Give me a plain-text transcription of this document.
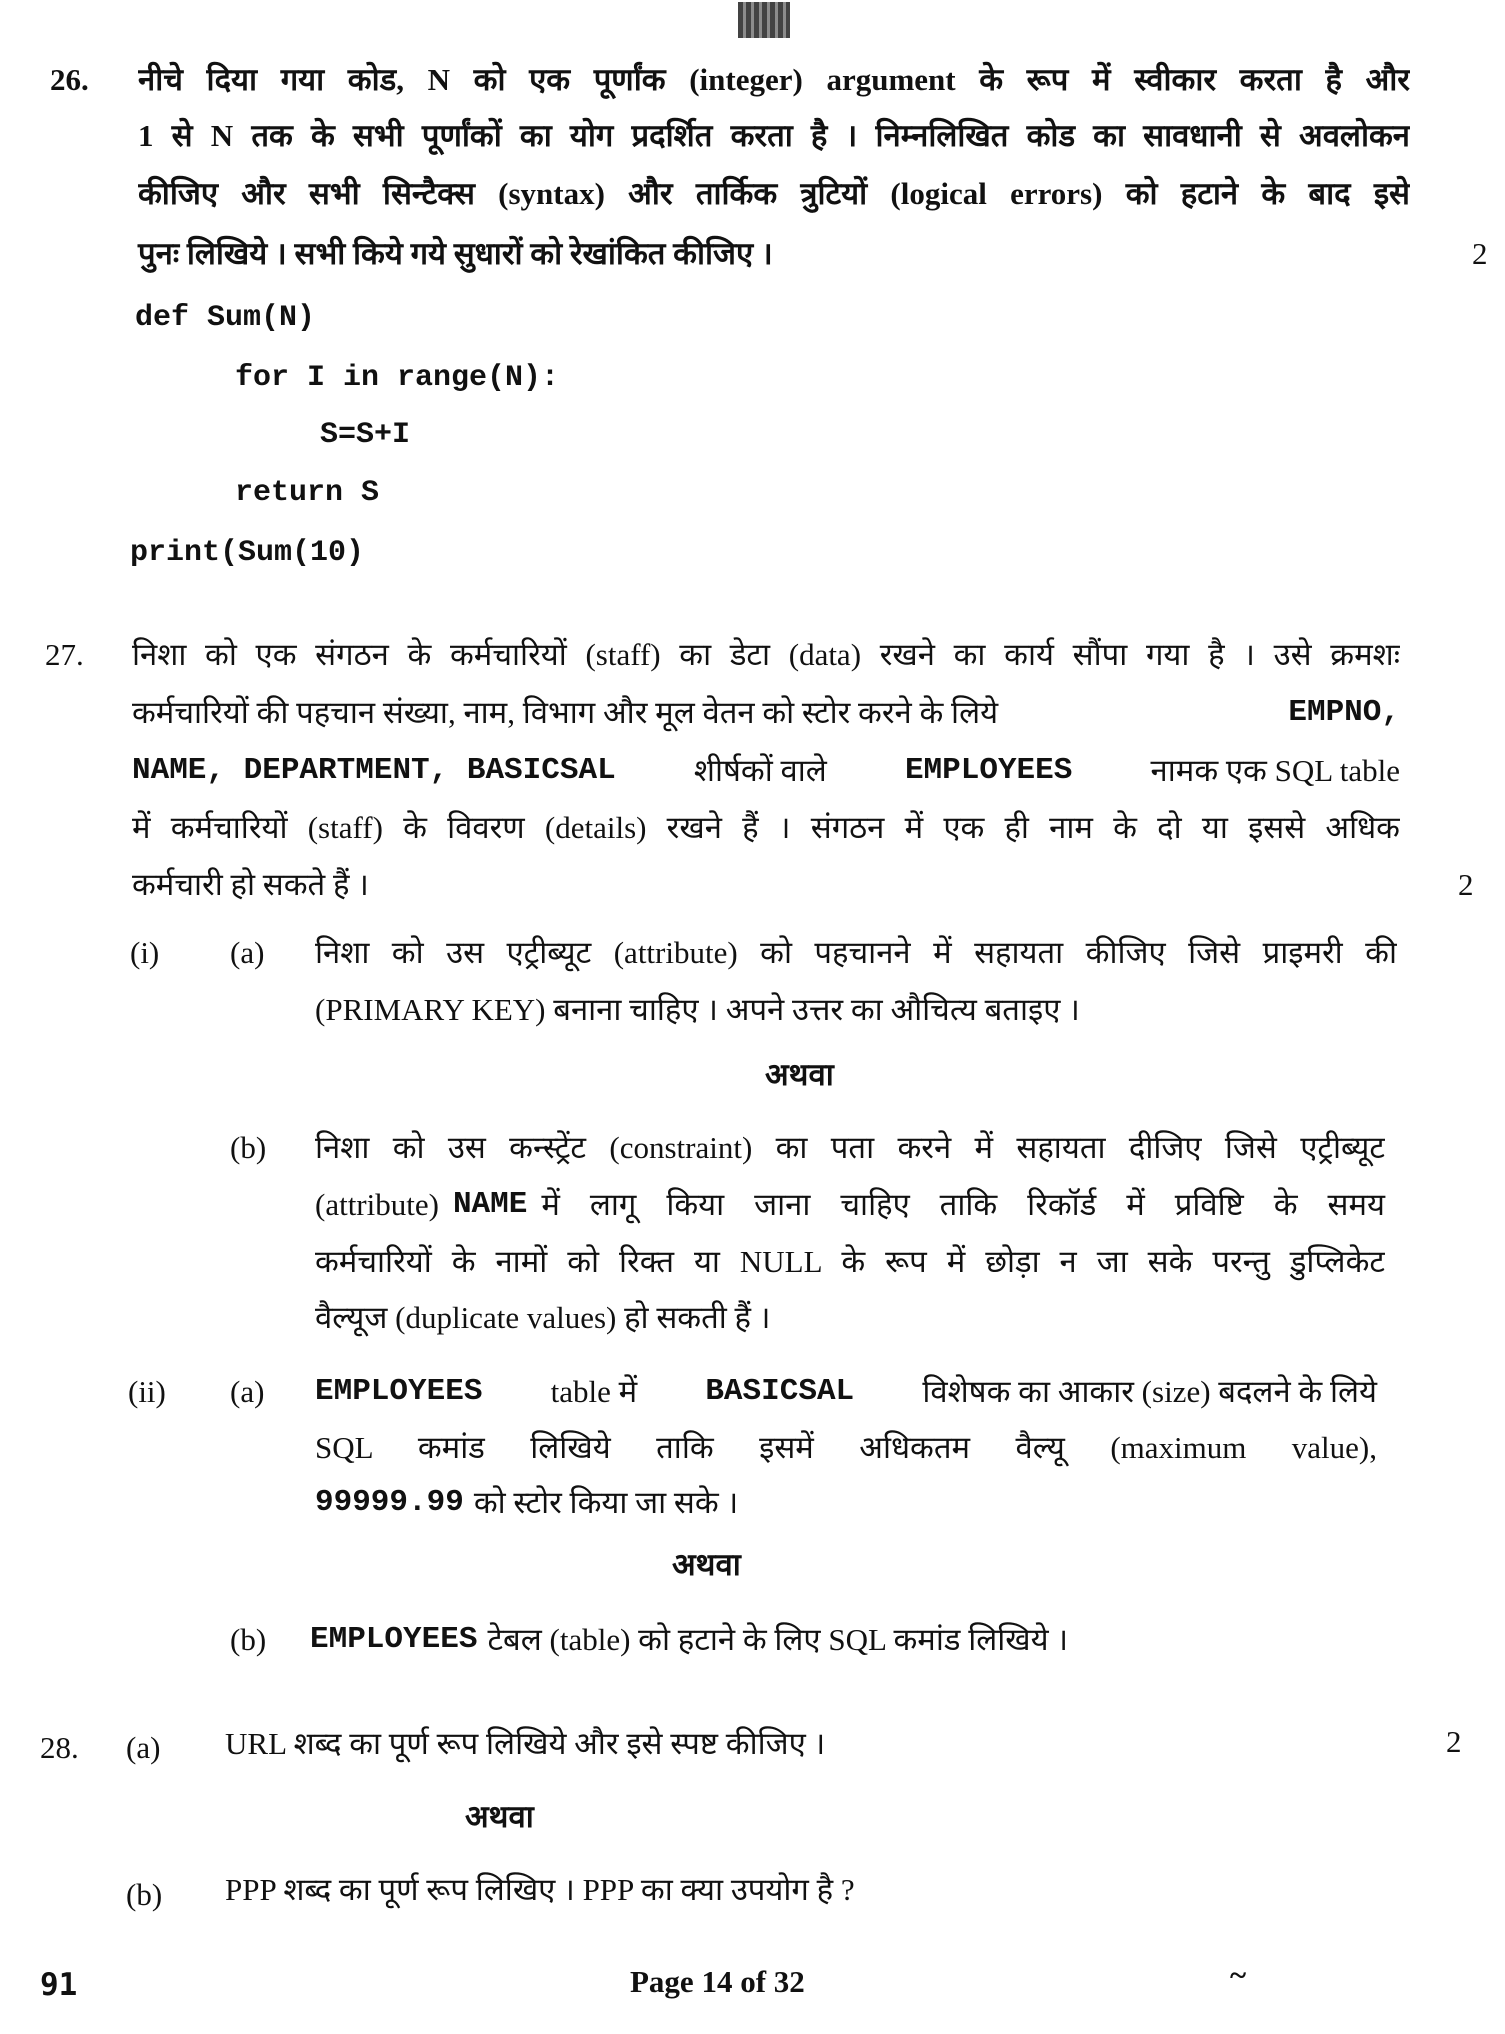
26. नीचे दिया गया कोड, N को एक पूर्णांक (integer) argument के रूप में स्वीकार करता है और
1 से N तक के सभी पूर्णांकों का योग प्रदर्शित करता है । निम्नलिखित कोड का सावधानी से अवलोकन
कीजिए और सभी सिन्टैक्स (syntax) और तार्किक त्रुटियों (logical errors) को हटाने के बाद इसे
पुनः लिखिये । सभी किये गये सुधारों को रेखांकित कीजिए ।	2
def Sum(N)
for I in range(N):
S=S+I
return S
print(Sum(10)
27. निशा को एक संगठन के कर्मचारियों (staff) का डेटा (data) रखने का कार्य सौंपा गया है । उसे क्रमशः
कर्मचारियों की पहचान संख्या, नाम, विभाग और मूल वेतन को स्टोर करने के लिये	EMPNO,
NAME, DEPARTMENT, BASICSAL	शीर्षकों वाले	EMPLOYEES	नामक एक SQL table
में कर्मचारियों (staff) के विवरण (details) रखने हैं । संगठन में एक ही नाम के दो या इससे अधिक
कर्मचारी हो सकते हैं ।	2
(i) (a) निशा को उस एट्रीब्यूट (attribute) को पहचानने में सहायता कीजिए जिसे प्राइमरी की
(PRIMARY KEY) बनाना चाहिए । अपने उत्तर का औचित्य बताइए ।
अथवा
(b) निशा को उस कन्स्ट्रेंट (constraint) का पता करने में सहायता दीजिए जिसे एट्रीब्यूट
(attribute) NAME में लागू किया जाना चाहिए ताकि रिकॉर्ड में प्रविष्टि के समय
कर्मचारियों के नामों को रिक्त या NULL के रूप में छोड़ा न जा सके परन्तु डुप्लिकेट
वैल्यूज (duplicate values) हो सकती हैं ।
(ii) (a) EMPLOYEES table में BASICSAL विशेषक का आकार (size) बदलने के लिये
SQL कमांड लिखिये ताकि इसमें अधिकतम वैल्यू (maximum value),
99999.99 को स्टोर किया जा सके ।
अथवा
(b) EMPLOYEES टेबल (table) को हटाने के लिए SQL कमांड लिखिये ।
28. (a) URL शब्द का पूर्ण रूप लिखिये और इसे स्पष्ट कीजिए ।	2
अथवा
(b) PPP शब्द का पूर्ण रूप लिखिए । PPP का क्या उपयोग है ?
91	Page 14 of 32	~
